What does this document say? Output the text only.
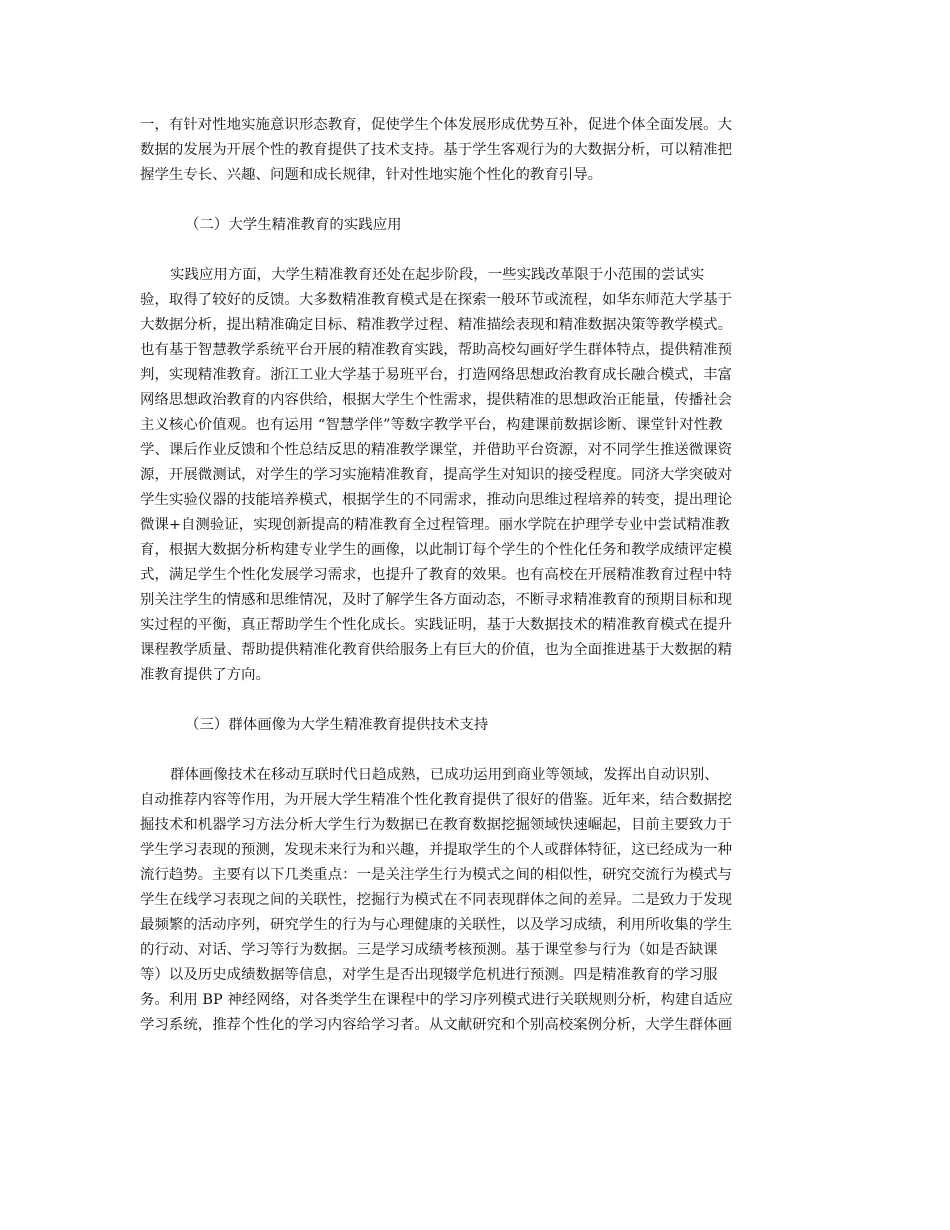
一，有针对性地实施意识形态教育，促使学生个体发展形成优势互补，促进个体全面发展。大
数据的发展为开展个性的教育提供了技术支持。基于学生客观行为的大数据分析，可以精准把
握学生专长、兴趣、问题和成长规律，针对性地实施个性化的教育引导。
（二）大学生精准教育的实践应用
实践应用方面，大学生精准教育还处在起步阶段，一些实践改革限于小范围的尝试实
验，取得了较好的反馈。大多数精准教育模式是在探索一般环节或流程，如华东师范大学基于
大数据分析，提出精准确定目标、精准教学过程、精准描绘表现和精准数据决策等教学模式。
也有基于智慧教学系统平台开展的精准教育实践，帮助高校勾画好学生群体特点，提供精准预
判，实现精准教育。浙江工业大学基于易班平台，打造网络思想政治教育成长融合模式，丰富
网络思想政治教育的内容供给，根据大学生个性需求，提供精准的思想政治正能量，传播社会
主义核心价值观。也有运用 “智慧学伴”等数字教学平台，构建课前数据诊断、课堂针对性教
学、课后作业反馈和个性总结反思的精准教学课堂，并借助平台资源，对不同学生推送微课资
源，开展微测试，对学生的学习实施精准教育，提高学生对知识的接受程度。同济大学突破对
学生实验仪器的技能培养模式，根据学生的不同需求，推动向思维过程培养的转变，提出理论
微课+自测验证，实现创新提高的精准教育全过程管理。丽水学院在护理学专业中尝试精准教
育，根据大数据分析构建专业学生的画像，以此制订每个学生的个性化任务和教学成绩评定模
式，满足学生个性化发展学习需求，也提升了教育的效果。也有高校在开展精准教育过程中特
别关注学生的情感和思维情况，及时了解学生各方面动态，不断寻求精准教育的预期目标和现
实过程的平衡，真正帮助学生个性化成长。实践证明，基于大数据技术的精准教育模式在提升
课程教学质量、帮助提供精准化教育供给服务上有巨大的价值，也为全面推进基于大数据的精
准教育提供了方向。
（三）群体画像为大学生精准教育提供技术支持
群体画像技术在移动互联时代日趋成熟，已成功运用到商业等领域，发挥出自动识别、
自动推荐内容等作用，为开展大学生精准个性化教育提供了很好的借鉴。近年来，结合数据挖
掘技术和机器学习方法分析大学生行为数据已在教育数据挖掘领域快速崛起，目前主要致力于
学生学习表现的预测，发现未来行为和兴趣，并提取学生的个人或群体特征，这已经成为一种
流行趋势。主要有以下几类重点：一是关注学生行为模式之间的相似性，研究交流行为模式与
学生在线学习表现之间的关联性，挖掘行为模式在不同表现群体之间的差异。二是致力于发现
最频繁的活动序列，研究学生的行为与心理健康的关联性，以及学习成绩，利用所收集的学生
的行动、对话、学习等行为数据。三是学习成绩考核预测。基于课堂参与行为（如是否缺课
等）以及历史成绩数据等信息，对学生是否出现辍学危机进行预测。四是精准教育的学习服
务。利用 BP 神经网络，对各类学生在课程中的学习序列模式进行关联规则分析，构建自适应
学习系统，推荐个性化的学习内容给学习者。从文献研究和个别高校案例分析，大学生群体画
